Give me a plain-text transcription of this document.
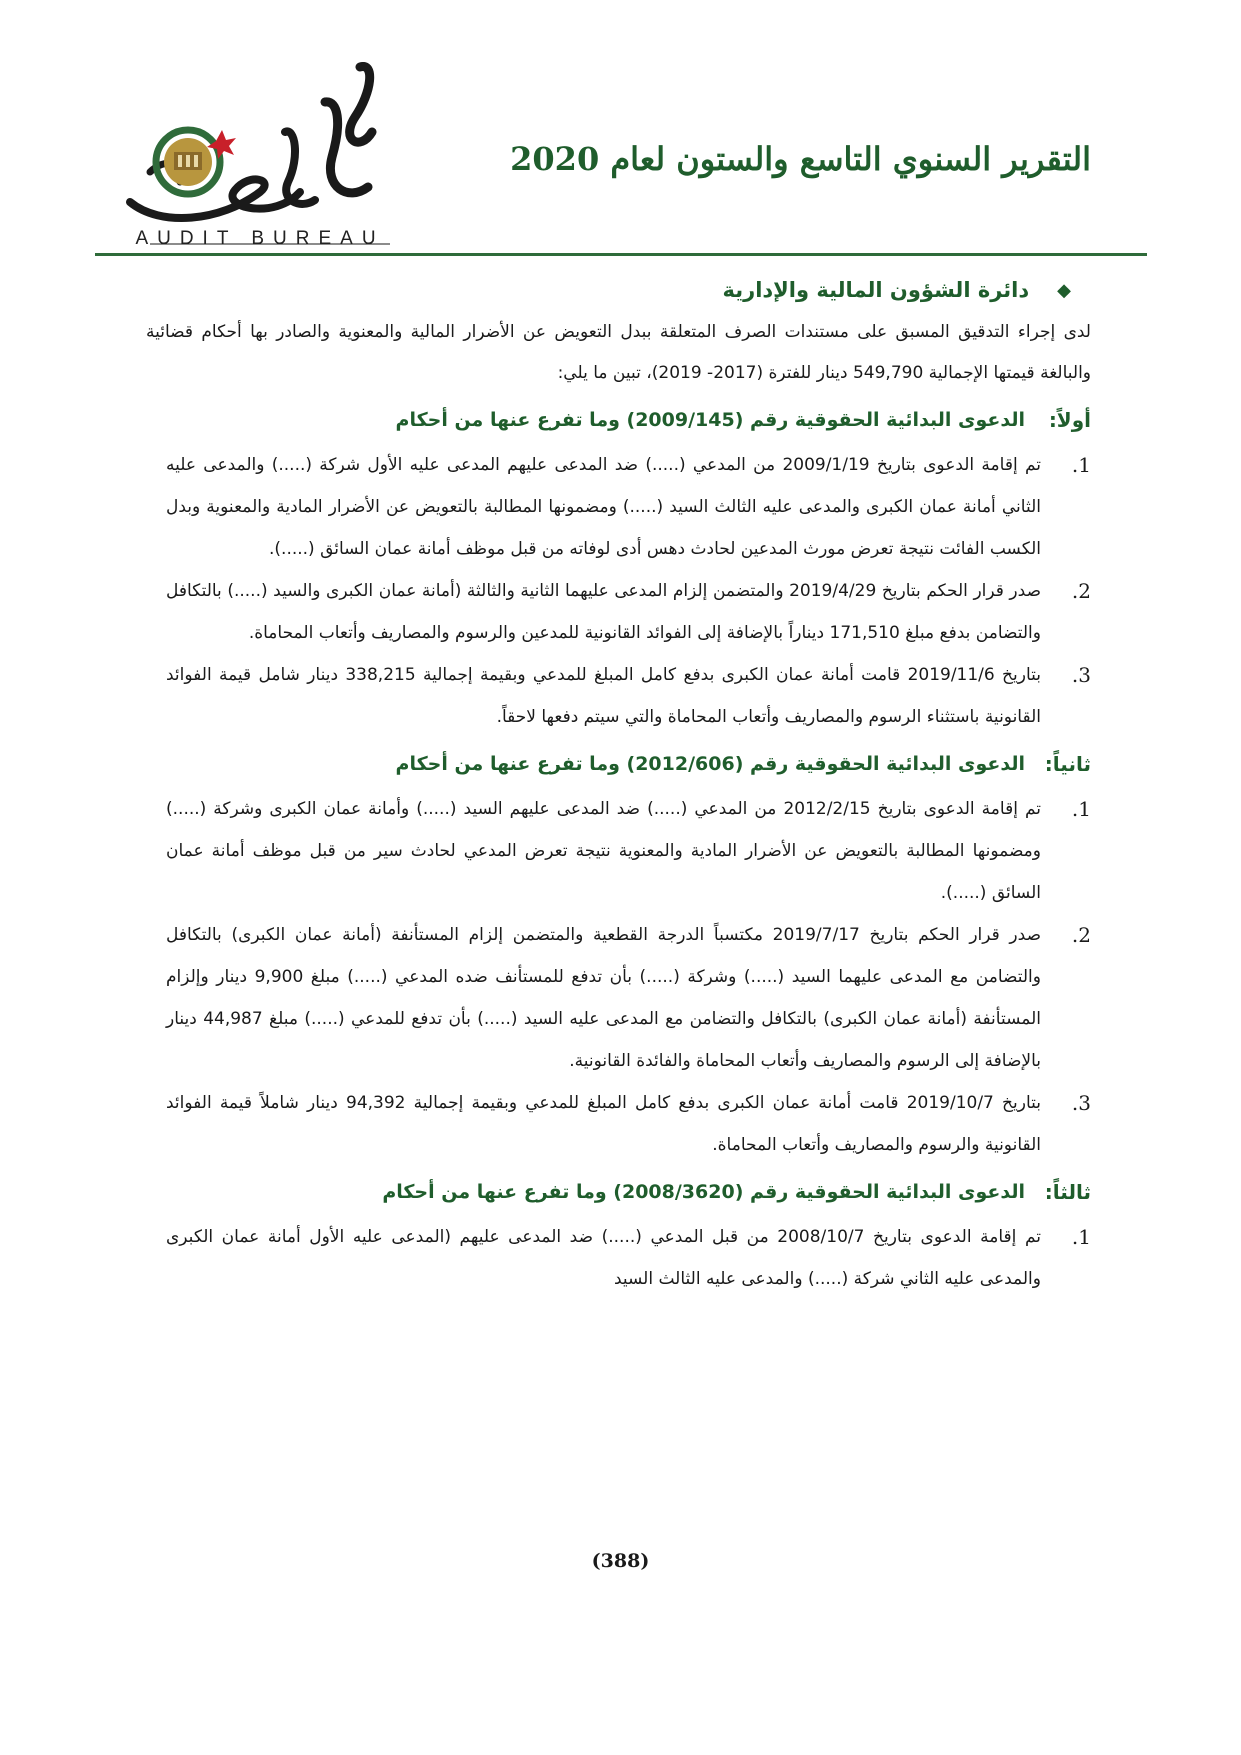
AUDIT BUREAU
التقرير السنوي التاسع والستون لعام 2020
◆
دائرة الشؤون المالية والإدارية

لدى إجراء التدقيق المسبق على مستندات الصرف المتعلقة ببدل التعويض عن الأضرار المالية والمعنوية والصادر بها أحكام قضائية والبالغة قيمتها الإجمالية 549,790 دينار للفترة (2017- 2019)، تبين ما يلي:

أولاً:
الدعوى البدائية الحقوقية رقم (2009/145) وما تفرع عنها من أحكام
.1

تم إقامة الدعوى بتاريخ 2009/1/19 من المدعي (.....) ضد المدعى عليهم المدعى عليه الأول شركة (.....) والمدعى عليه الثاني أمانة عمان الكبرى والمدعى عليه الثالث السيد (.....) ومضمونها المطالبة بالتعويض عن الأضرار المادية والمعنوية وبدل الكسب الفائت نتيجة تعرض مورث المدعين لحادث دهس أدى لوفاته من قبل موظف أمانة عمان السائق (.....).

.2

صدر قرار الحكم بتاريخ 2019/4/29 والمتضمن إلزام المدعى عليهما الثانية والثالثة (أمانة عمان الكبرى والسيد (.....) بالتكافل والتضامن بدفع مبلغ 171,510 ديناراً بالإضافة إلى الفوائد القانونية للمدعين والرسوم والمصاريف وأتعاب المحاماة.

.3

بتاريخ 2019/11/6 قامت أمانة عمان الكبرى بدفع كامل المبلغ للمدعي وبقيمة إجمالية 338,215 دينار شامل قيمة الفوائد القانونية باستثناء الرسوم والمصاريف وأتعاب المحاماة والتي سيتم دفعها لاحقاً.

ثانياً:
الدعوى البدائية الحقوقية رقم (2012/606) وما تفرع عنها من أحكام
.1

تم إقامة الدعوى بتاريخ 2012/2/15 من المدعي (.....) ضد المدعى عليهم السيد (.....) وأمانة عمان الكبرى وشركة (.....) ومضمونها المطالبة بالتعويض عن الأضرار المادية والمعنوية نتيجة تعرض المدعي لحادث سير من قبل موظف أمانة عمان السائق (.....).

.2

صدر قرار الحكم بتاريخ 2019/7/17 مكتسباً الدرجة القطعية والمتضمن إلزام المستأنفة (أمانة عمان الكبرى) بالتكافل والتضامن مع المدعى عليهما السيد (.....) وشركة (.....) بأن تدفع للمستأنف ضده المدعي (.....) مبلغ 9,900 دينار وإلزام المستأنفة (أمانة عمان الكبرى) بالتكافل والتضامن مع المدعى عليه السيد (.....) بأن تدفع للمدعي (.....) مبلغ 44,987 دينار بالإضافة إلى الرسوم والمصاريف وأتعاب المحاماة والفائدة القانونية.

.3

بتاريخ 2019/10/7 قامت أمانة عمان الكبرى بدفع كامل المبلغ للمدعي وبقيمة إجمالية 94,392 دينار شاملاً قيمة الفوائد القانونية والرسوم والمصاريف وأتعاب المحاماة.

ثالثاً:
الدعوى البدائية الحقوقية رقم (2008/3620) وما تفرع عنها من أحكام
.1

تم إقامة الدعوى بتاريخ 2008/10/7 من قبل المدعي (.....) ضد المدعى عليهم (المدعى عليه الأول أمانة عمان الكبرى والمدعى عليه الثاني شركة (.....) والمدعى عليه الثالث السيد

(388)
